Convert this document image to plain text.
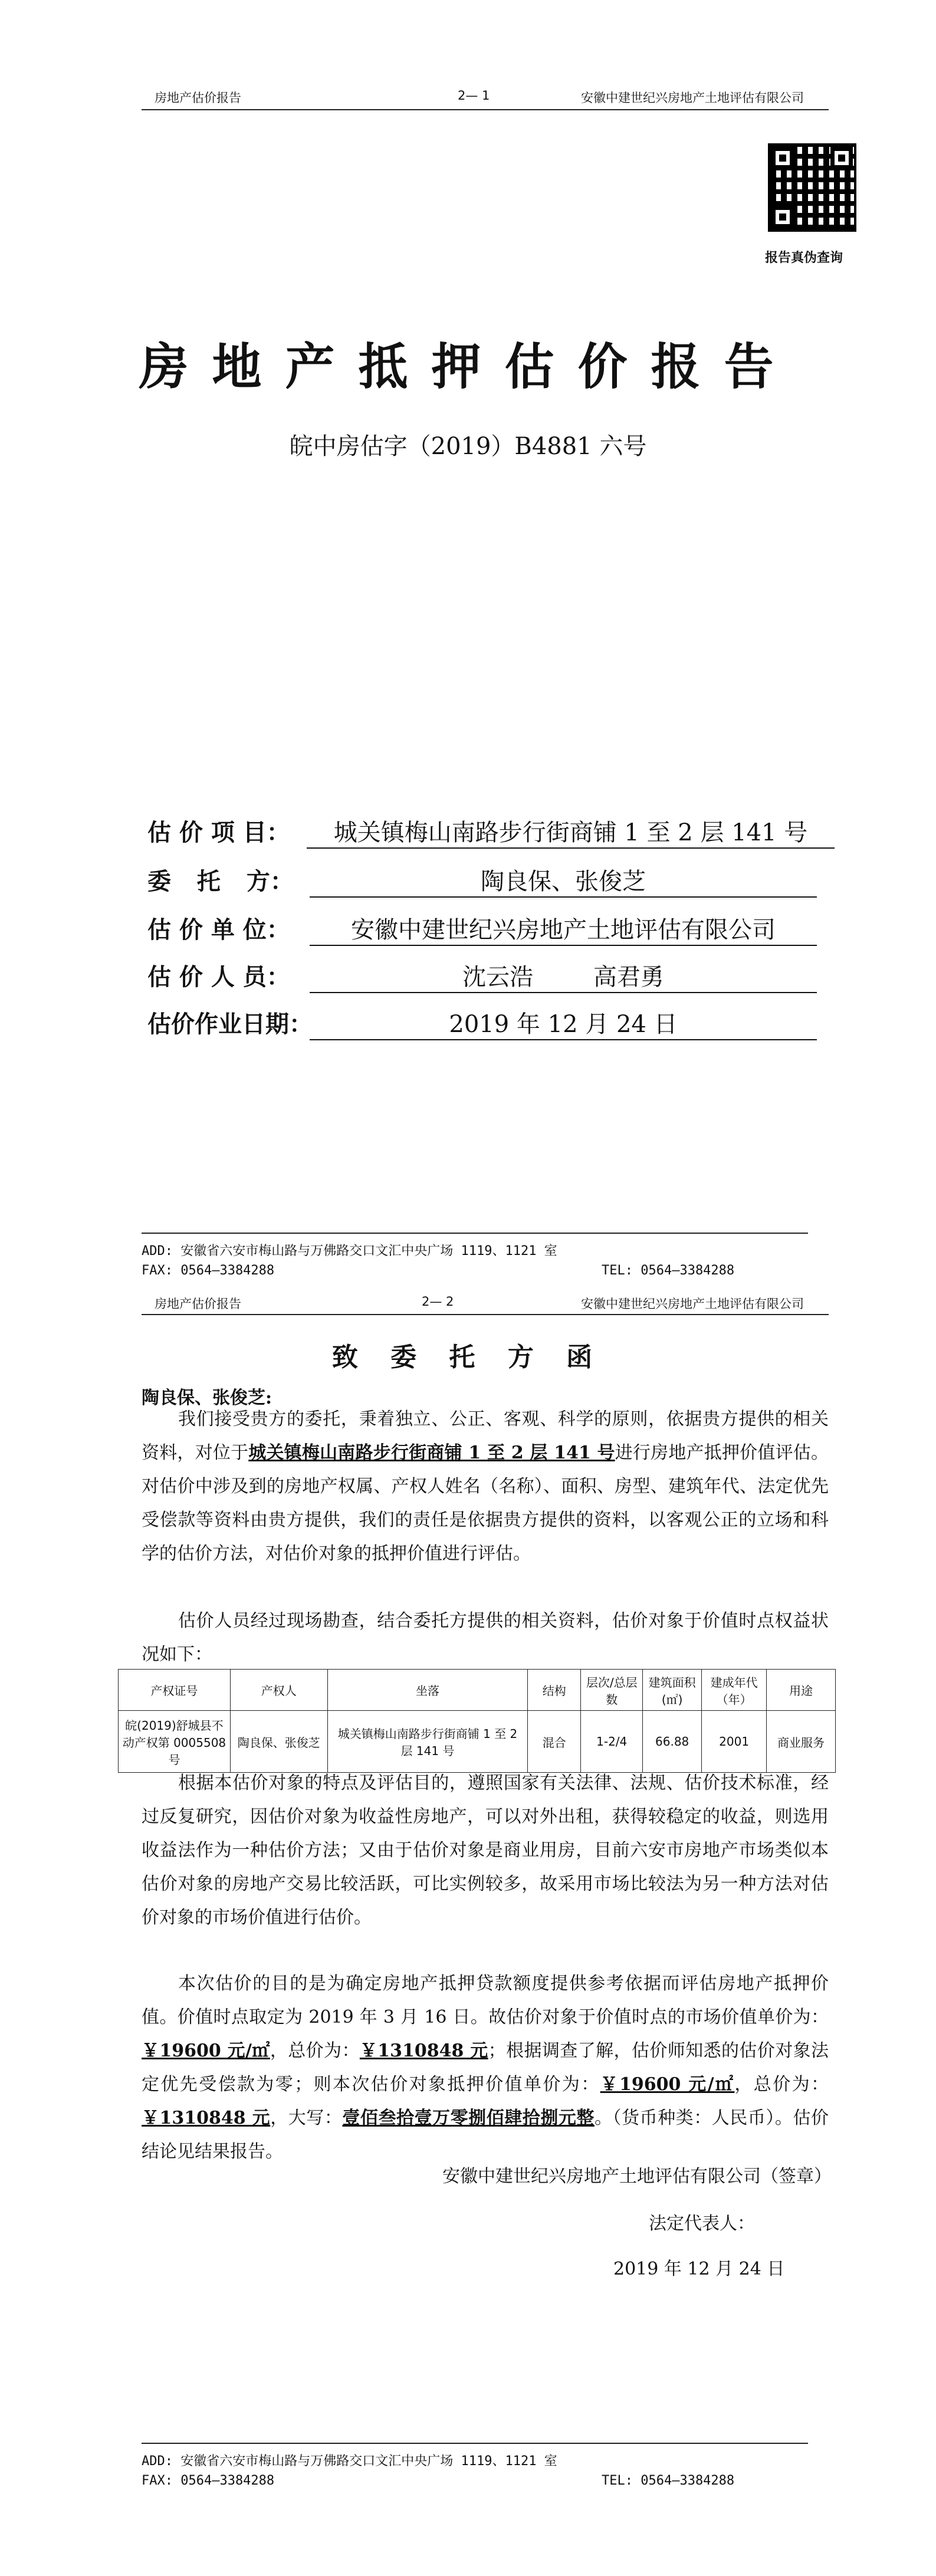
房地产估价报告	2— 1	安徽中建世纪兴房地产土地评估有限公司
报告真伪查询
房地产抵押估价报告
皖中房估字（2019）B4881 六号
估 价 项 目：	城关镇梅山南路步行街商铺 1 至 2 层 141 号
委 托 方：	陶良保、张俊芝
估 价 单 位：	安徽中建世纪兴房地产土地评估有限公司
估 价 人 员：	沈云浩        高君勇
估价作业日期：	2019 年 12 月 24 日
ADD: 安徽省六安市梅山路与万佛路交口文汇中央广场 1119、1121 室
FAX: 0564—3384288	TEL: 0564—3384288
房地产估价报告	2— 2	安徽中建世纪兴房地产土地评估有限公司
致 委 托 方 函
陶良保、张俊芝:
我们接受贵方的委托，秉着独立、公正、客观、科学的原则，依据贵方提供的相关资料，对位于城关镇梅山南路步行街商铺 1 至 2 层 141 号进行房地产抵押价值评估。对估价中涉及到的房地产权属、产权人姓名（名称）、面积、房型、建筑年代、法定优先受偿款等资料由贵方提供，我们的责任是依据贵方提供的资料，以客观公正的立场和科学的估价方法，对估价对象的抵押价值进行评估。
估价人员经过现场勘查，结合委托方提供的相关资料，估价对象于价值时点权益状况如下：
产权证号	产权人	坐落	结构	层次/总层数	建筑面积(㎡)	建成年代（年）	用途
皖(2019)舒城县不动产权第 0005508 号	陶良保、张俊芝	城关镇梅山南路步行街商铺 1 至 2 层 141 号	混合	1-2/4	66.88	2001	商业服务
根据本估价对象的特点及评估目的，遵照国家有关法律、法规、估价技术标准，经过反复研究，因估价对象为收益性房地产，可以对外出租，获得较稳定的收益，则选用收益法作为一种估价方法；又由于估价对象是商业用房，目前六安市房地产市场类似本估价对象的房地产交易比较活跃，可比实例较多，故采用市场比较法为另一种方法对估价对象的市场价值进行估价。
本次估价的目的是为确定房地产抵押贷款额度提供参考依据而评估房地产抵押价值。价值时点取定为 2019 年 3 月 16 日。故估价对象于价值时点的市场价值单价为：￥19600 元/㎡，总价为：￥1310848 元；根据调查了解，估价师知悉的估价对象法定优先受偿款为零；则本次估价对象抵押价值单价为：￥19600 元/㎡，总价为：￥1310848 元，大写：壹佰叁拾壹万零捌佰肆拾捌元整。（货币种类：人民币）。估价结论见结果报告。
安徽中建世纪兴房地产土地评估有限公司（签章）
法定代表人：
2019 年 12 月 24 日
ADD: 安徽省六安市梅山路与万佛路交口文汇中央广场 1119、1121 室
FAX: 0564—3384288	TEL: 0564—3384288
